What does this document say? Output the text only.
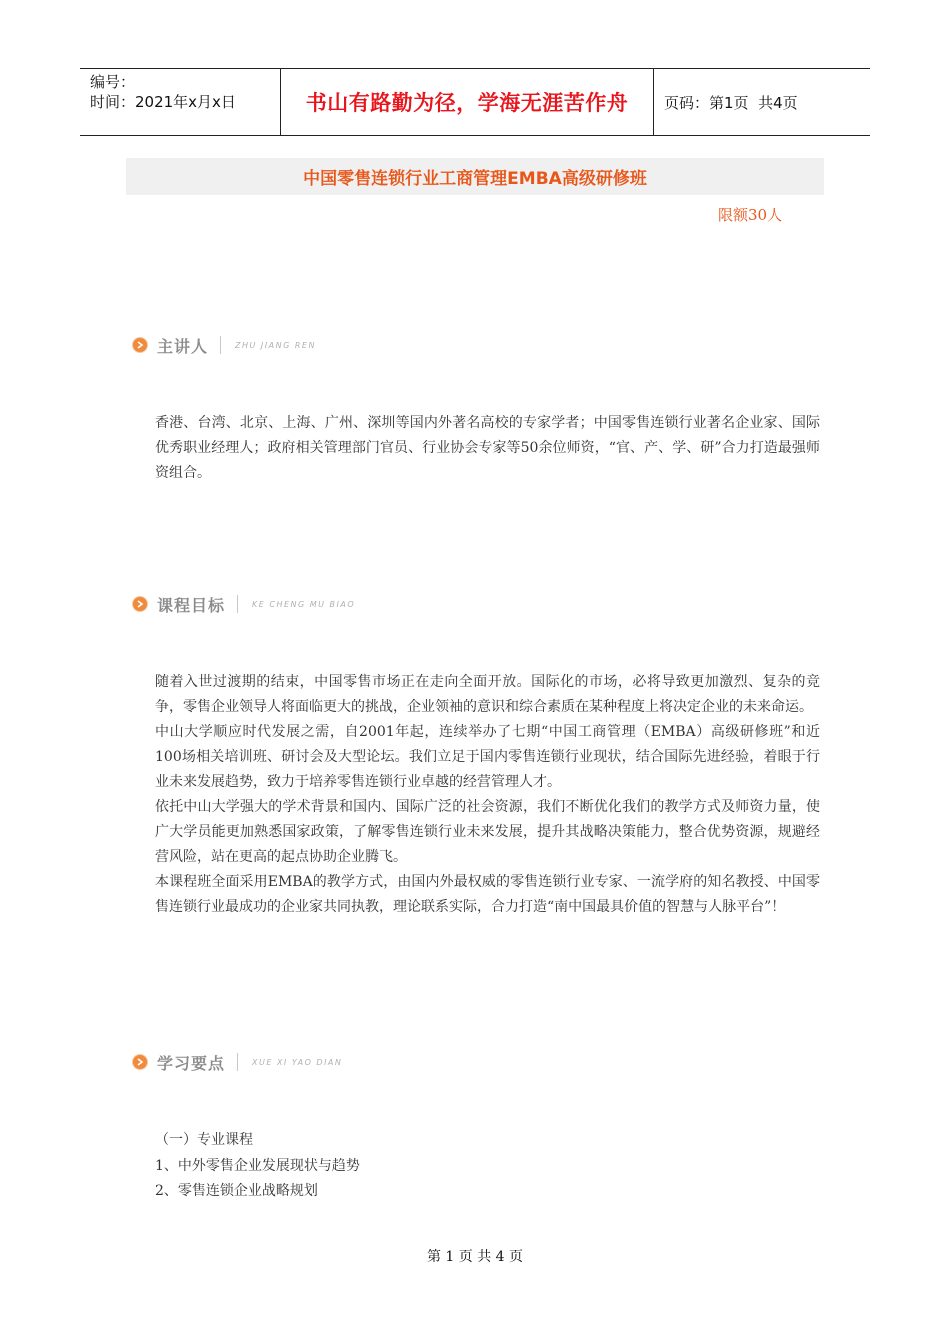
编号：
时间：2021年x月x日	书山有路勤为径，学海无涯苦作舟	页码：第1页  共4页
中国零售连锁行业工商管理EMBA高级研修班
限额30人
主讲人	ZHU JIANG REN

香港、台湾、北京、上海、广州、深圳等国内外著名高校的专家学者；中国零售连锁行业著名企业家、国际优秀职业经理人；政府相关管理部门官员、行业协会专家等50余位师资，“官、产、学、研”合力打造最强师资组合。

课程目标	KE CHENG MU BIAO

随着入世过渡期的结束，中国零售市场正在走向全面开放。国际化的市场，必将导致更加激烈、复杂的竞争，零售企业领导人将面临更大的挑战，企业领袖的意识和综合素质在某种程度上将决定企业的未来命运。

中山大学顺应时代发展之需，自2001年起，连续举办了七期“中国工商管理（EMBA）高级研修班”和近100场相关培训班、研讨会及大型论坛。我们立足于国内零售连锁行业现状，结合国际先进经验，着眼于行业未来发展趋势，致力于培养零售连锁行业卓越的经营管理人才。

依托中山大学强大的学术背景和国内、国际广泛的社会资源，我们不断优化我们的教学方式及师资力量，使广大学员能更加熟悉国家政策，了解零售连锁行业未来发展，提升其战略决策能力，整合优势资源，规避经营风险，站在更高的起点协助企业腾飞。

本课程班全面采用EMBA的教学方式，由国内外最权威的零售连锁行业专家、一流学府的知名教授、中国零售连锁行业最成功的企业家共同执教，理论联系实际，合力打造“南中国最具价值的智慧与人脉平台”！

学习要点	XUE XI YAO DIAN
（一）专业课程
1、中外零售企业发展现状与趋势
2、零售连锁企业战略规划
第 1 页 共 4 页
